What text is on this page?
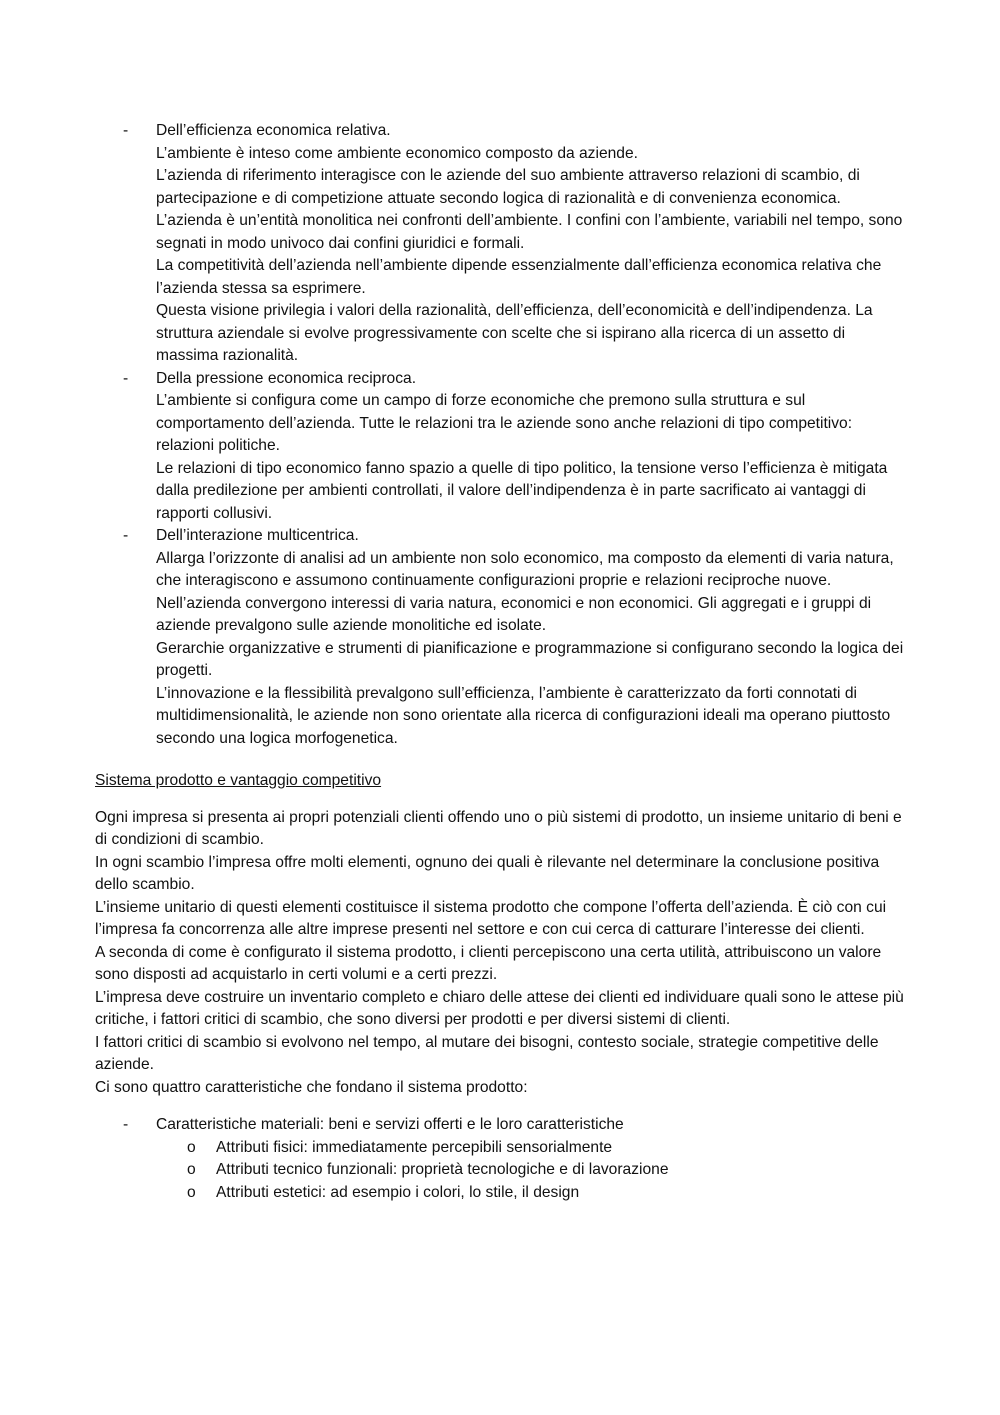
- Dell’efficienza economica relativa.

L’ambiente è inteso come ambiente economico composto da aziende.

L’azienda di riferimento interagisce con le aziende del suo ambiente attraverso relazioni di scambio, di partecipazione e di competizione attuate secondo logica di razionalità e di convenienza economica.

L’azienda è un’entità monolitica nei confronti dell’ambiente. I confini con l’ambiente, variabili nel tempo, sono segnati in modo univoco dai confini giuridici e formali.

La competitività dell’azienda nell’ambiente dipende essenzialmente dall’efficienza economica relativa che l’azienda stessa sa esprimere.

Questa visione privilegia i valori della razionalità, dell’efficienza, dell’economicità e dell’indipendenza. La struttura aziendale si evolve progressivamente con scelte che si ispirano alla ricerca di un assetto di massima razionalità.

- Della pressione economica reciproca.

L’ambiente si configura come un campo di forze economiche che premono sulla struttura e sul comportamento dell’azienda. Tutte le relazioni tra le aziende sono anche relazioni di tipo competitivo: relazioni politiche.

Le relazioni di tipo economico fanno spazio a quelle di tipo politico, la tensione verso l’efficienza è mitigata dalla predilezione per ambienti controllati, il valore dell’indipendenza è in parte sacrificato ai vantaggi di rapporti collusivi.

- Dell’interazione multicentrica.

Allarga l’orizzonte di analisi ad un ambiente non solo economico, ma composto da elementi di varia natura, che interagiscono e assumono continuamente configurazioni proprie e relazioni reciproche nuove.

Nell’azienda convergono interessi di varia natura, economici e non economici. Gli aggregati e i gruppi di aziende prevalgono sulle aziende monolitiche ed isolate.

Gerarchie organizzative e strumenti di pianificazione e programmazione si configurano secondo la logica dei progetti.

L’innovazione e la flessibilità prevalgono sull’efficienza, l’ambiente è caratterizzato da forti connotati di multidimensionalità, le aziende non sono orientate alla ricerca di configurazioni ideali ma operano piuttosto secondo una logica morfogenetica.

Sistema prodotto e vantaggio competitivo

Ogni impresa si presenta ai propri potenziali clienti offendo uno o più sistemi di prodotto, un insieme unitario di beni e di condizioni di scambio.

In ogni scambio l’impresa offre molti elementi, ognuno dei quali è rilevante nel determinare la conclusione positiva dello scambio.

L’insieme unitario di questi elementi costituisce il sistema prodotto che compone l’offerta dell’azienda. È ciò con cui l’impresa fa concorrenza alle altre imprese presenti nel settore e con cui cerca di catturare l’interesse dei clienti.

A seconda di come è configurato il sistema prodotto, i clienti percepiscono una certa utilità, attribuiscono un valore sono disposti ad acquistarlo in certi volumi e a certi prezzi.

L’impresa deve costruire un inventario completo e chiaro delle attese dei clienti ed individuare quali sono le attese più critiche, i fattori critici di scambio, che sono diversi per prodotti e per diversi sistemi di clienti.

I fattori critici di scambio si evolvono nel tempo, al mutare dei bisogni, contesto sociale, strategie competitive delle aziende.

Ci sono quattro caratteristiche che fondano il sistema prodotto:

- Caratteristiche materiali: beni e servizi offerti e le loro caratteristiche

o Attributi fisici: immediatamente percepibili sensorialmente
o Attributi tecnico funzionali: proprietà tecnologiche e di lavorazione
o Attributi estetici: ad esempio i colori, lo stile, il design
